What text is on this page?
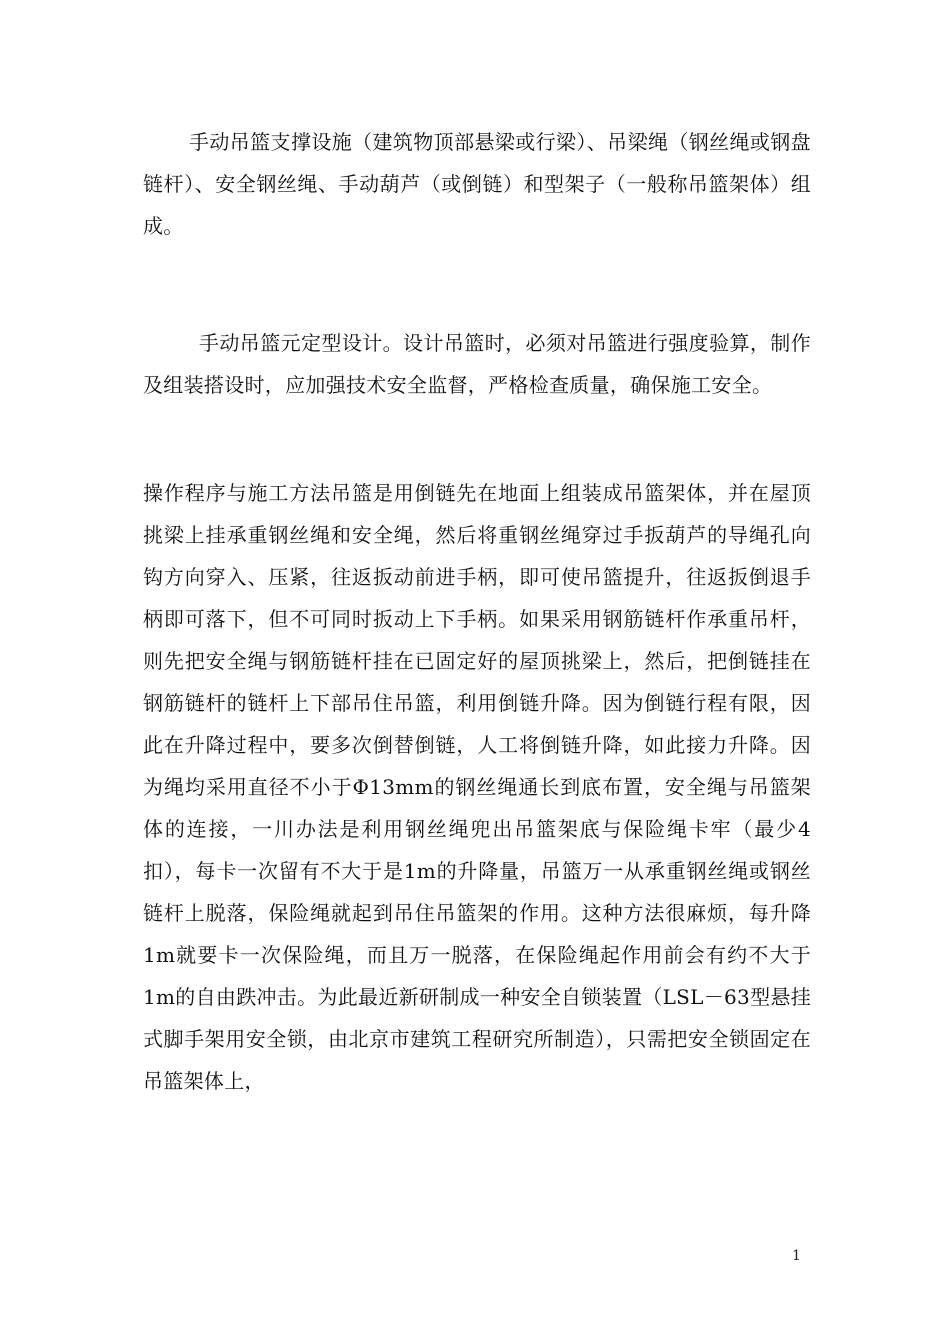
手动吊篮支撑设施（建筑物顶部悬梁或行梁）、吊梁绳（钢丝绳或钢盘链杆）、安全钢丝绳、手动葫芦（或倒链）和型架子（一般称吊篮架体）组成。

手动吊篮元定型设计。设计吊篮时，必须对吊篮进行强度验算，制作及组装搭设时，应加强技术安全监督，严格检查质量，确保施工安全。

操作程序与施工方法吊篮是用倒链先在地面上组装成吊篮架体，并在屋顶挑梁上挂承重钢丝绳和安全绳，然后将重钢丝绳穿过手扳葫芦的导绳孔向钩方向穿入、压紧，往返扳动前进手柄，即可使吊篮提升，往返扳倒退手柄即可落下，但不可同时扳动上下手柄。如果采用钢筋链杆作承重吊杆，则先把安全绳与钢筋链杆挂在已固定好的屋顶挑梁上，然后，把倒链挂在钢筋链杆的链杆上下部吊住吊篮，利用倒链升降。因为倒链行程有限，因此在升降过程中，要多次倒替倒链，人工将倒链升降，如此接力升降。因为绳均采用直径不小于Φ13mm的钢丝绳通长到底布置，安全绳与吊篮架体的连接，一川办法是利用钢丝绳兜出吊篮架底与保险绳卡牢（最少4扣），每卡一次留有不大于是1m的升降量，吊篮万一从承重钢丝绳或钢丝链杆上脱落，保险绳就起到吊住吊篮架的作用。这种方法很麻烦，每升降1m就要卡一次保险绳，而且万一脱落，在保险绳起作用前会有约不大于1m的自由跌冲击。为此最近新研制成一种安全自锁装置（LSL－63型悬挂式脚手架用安全锁，由北京市建筑工程研究所制造），只需把安全锁固定在吊篮架体上，

1
